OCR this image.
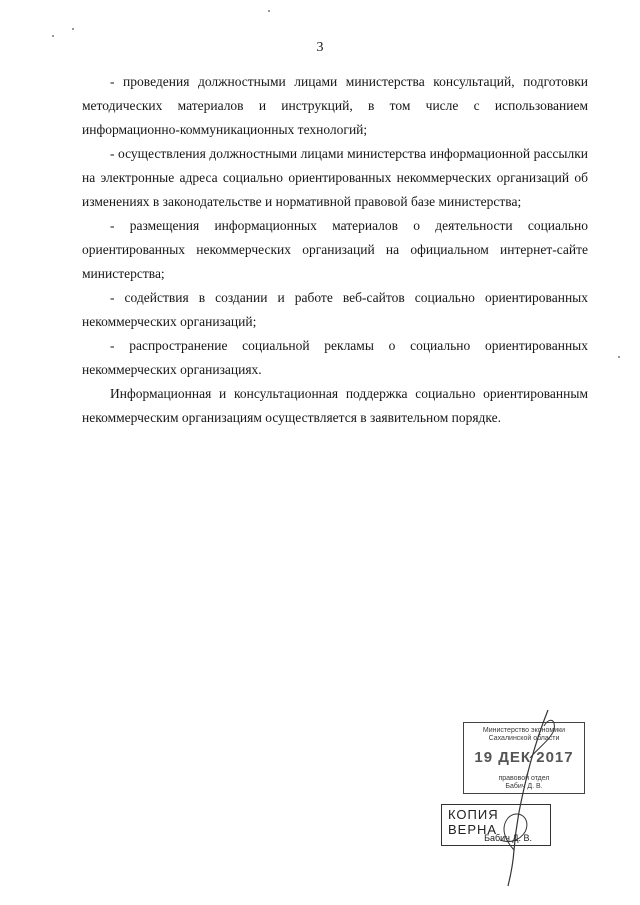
3

- проведения должностными лицами министерства консультаций, подготовки методических материалов и инструкций, в том числе с использованием информационно-коммуникационных технологий;

- осуществления должностными лицами министерства информационной рассылки на электронные адреса социально ориентированных некоммерческих организаций об изменениях в законодательстве и нормативной правовой базе министерства;

- размещения информационных материалов о деятельности социально ориентированных некоммерческих организаций на официальном интернет-сайте министерства;

- содействия в создании и работе веб-сайтов социально ориентированных некоммерческих организаций;

- распространение социальной рекламы о социально ориентированных некоммерческих организациях.

Информационная и консультационная поддержка социально ориентированным некоммерческим организациям осуществляется в заявительном порядке.

Министерство экономики
Сахалинской области
19 ДЕК 2017
правовой отдел
Бабич Д. В.
КОПИЯ ВЕРНА
Бабич Д. В.
